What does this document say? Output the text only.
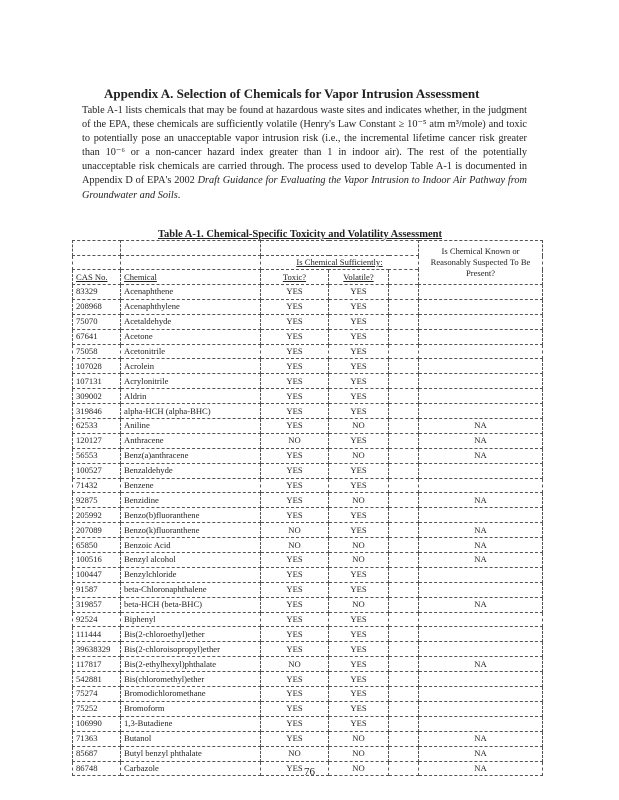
Appendix A. Selection of Chemicals for Vapor Intrusion Assessment

Table A-1 lists chemicals that may be found at hazardous waste sites and indicates whether, in the judgment of the EPA, these chemicals are sufficiently volatile (Henry's Law Constant ≥ 10⁻⁵ atm m³/mole) and toxic to potentially pose an unacceptable vapor intrusion risk (i.e., the incremental lifetime cancer risk greater than 10⁻⁶ or a non-cancer hazard index greater than 1 in indoor air). The rest of the potentially unacceptable risk chemicals are carried through. The process used to develop Table A-1 is documented in Appendix D of EPA's 2002 Draft Guidance for Evaluating the Vapor Intrusion to Indoor Air Pathway from Groundwater and Soils.

Table A-1. Chemical-Specific Toxicity and Volatility Assessment
					Is Chemical Known or Reasonably Suspected To Be Present?
		Is Chemical Sufficiently:			
CAS No.	Chemical	Toxic?	Volatile?		
83329	Acenaphthene	YES	YES		
208968	Acenaphthylene	YES	YES		
75070	Acetaldehyde	YES	YES		
67641	Acetone	YES	YES		
75058	Acetonitrile	YES	YES		
107028	Acrolein	YES	YES		
107131	Acrylonitrile	YES	YES		
309002	Aldrin	YES	YES		
319846	alpha-HCH (alpha-BHC)	YES	YES		
62533	Aniline	YES	NO		NA
120127	Anthracene	NO	YES		NA
56553	Benz(a)anthracene	YES	NO		NA
100527	Benzaldehyde	YES	YES		
71432	Benzene	YES	YES		
92875	Benzidine	YES	NO		NA
205992	Benzo(b)fluoranthene	YES	YES		
207089	Benzo(k)fluoranthene	NO	YES		NA
65850	Benzoic Acid	NO	NO		NA
100516	Benzyl alcohol	YES	NO		NA
100447	Benzylchloride	YES	YES		
91587	beta-Chloronaphthalene	YES	YES		
319857	beta-HCH (beta-BHC)	YES	NO		NA
92524	Biphenyl	YES	YES		
111444	Bis(2-chloroethyl)ether	YES	YES		
39638329	Bis(2-chloroisopropyl)ether	YES	YES		
117817	Bis(2-ethylhexyl)phthalate	NO	YES		NA
542881	Bis(chloromethyl)ether	YES	YES		
75274	Bromodichloromethane	YES	YES		
75252	Bromoform	YES	YES		
106990	1,3-Butadiene	YES	YES		
71363	Butanol	YES	NO		NA
85687	Butyl benzyl phthalate	NO	NO		NA
86748	Carbazole	YES	NO		NA
76
